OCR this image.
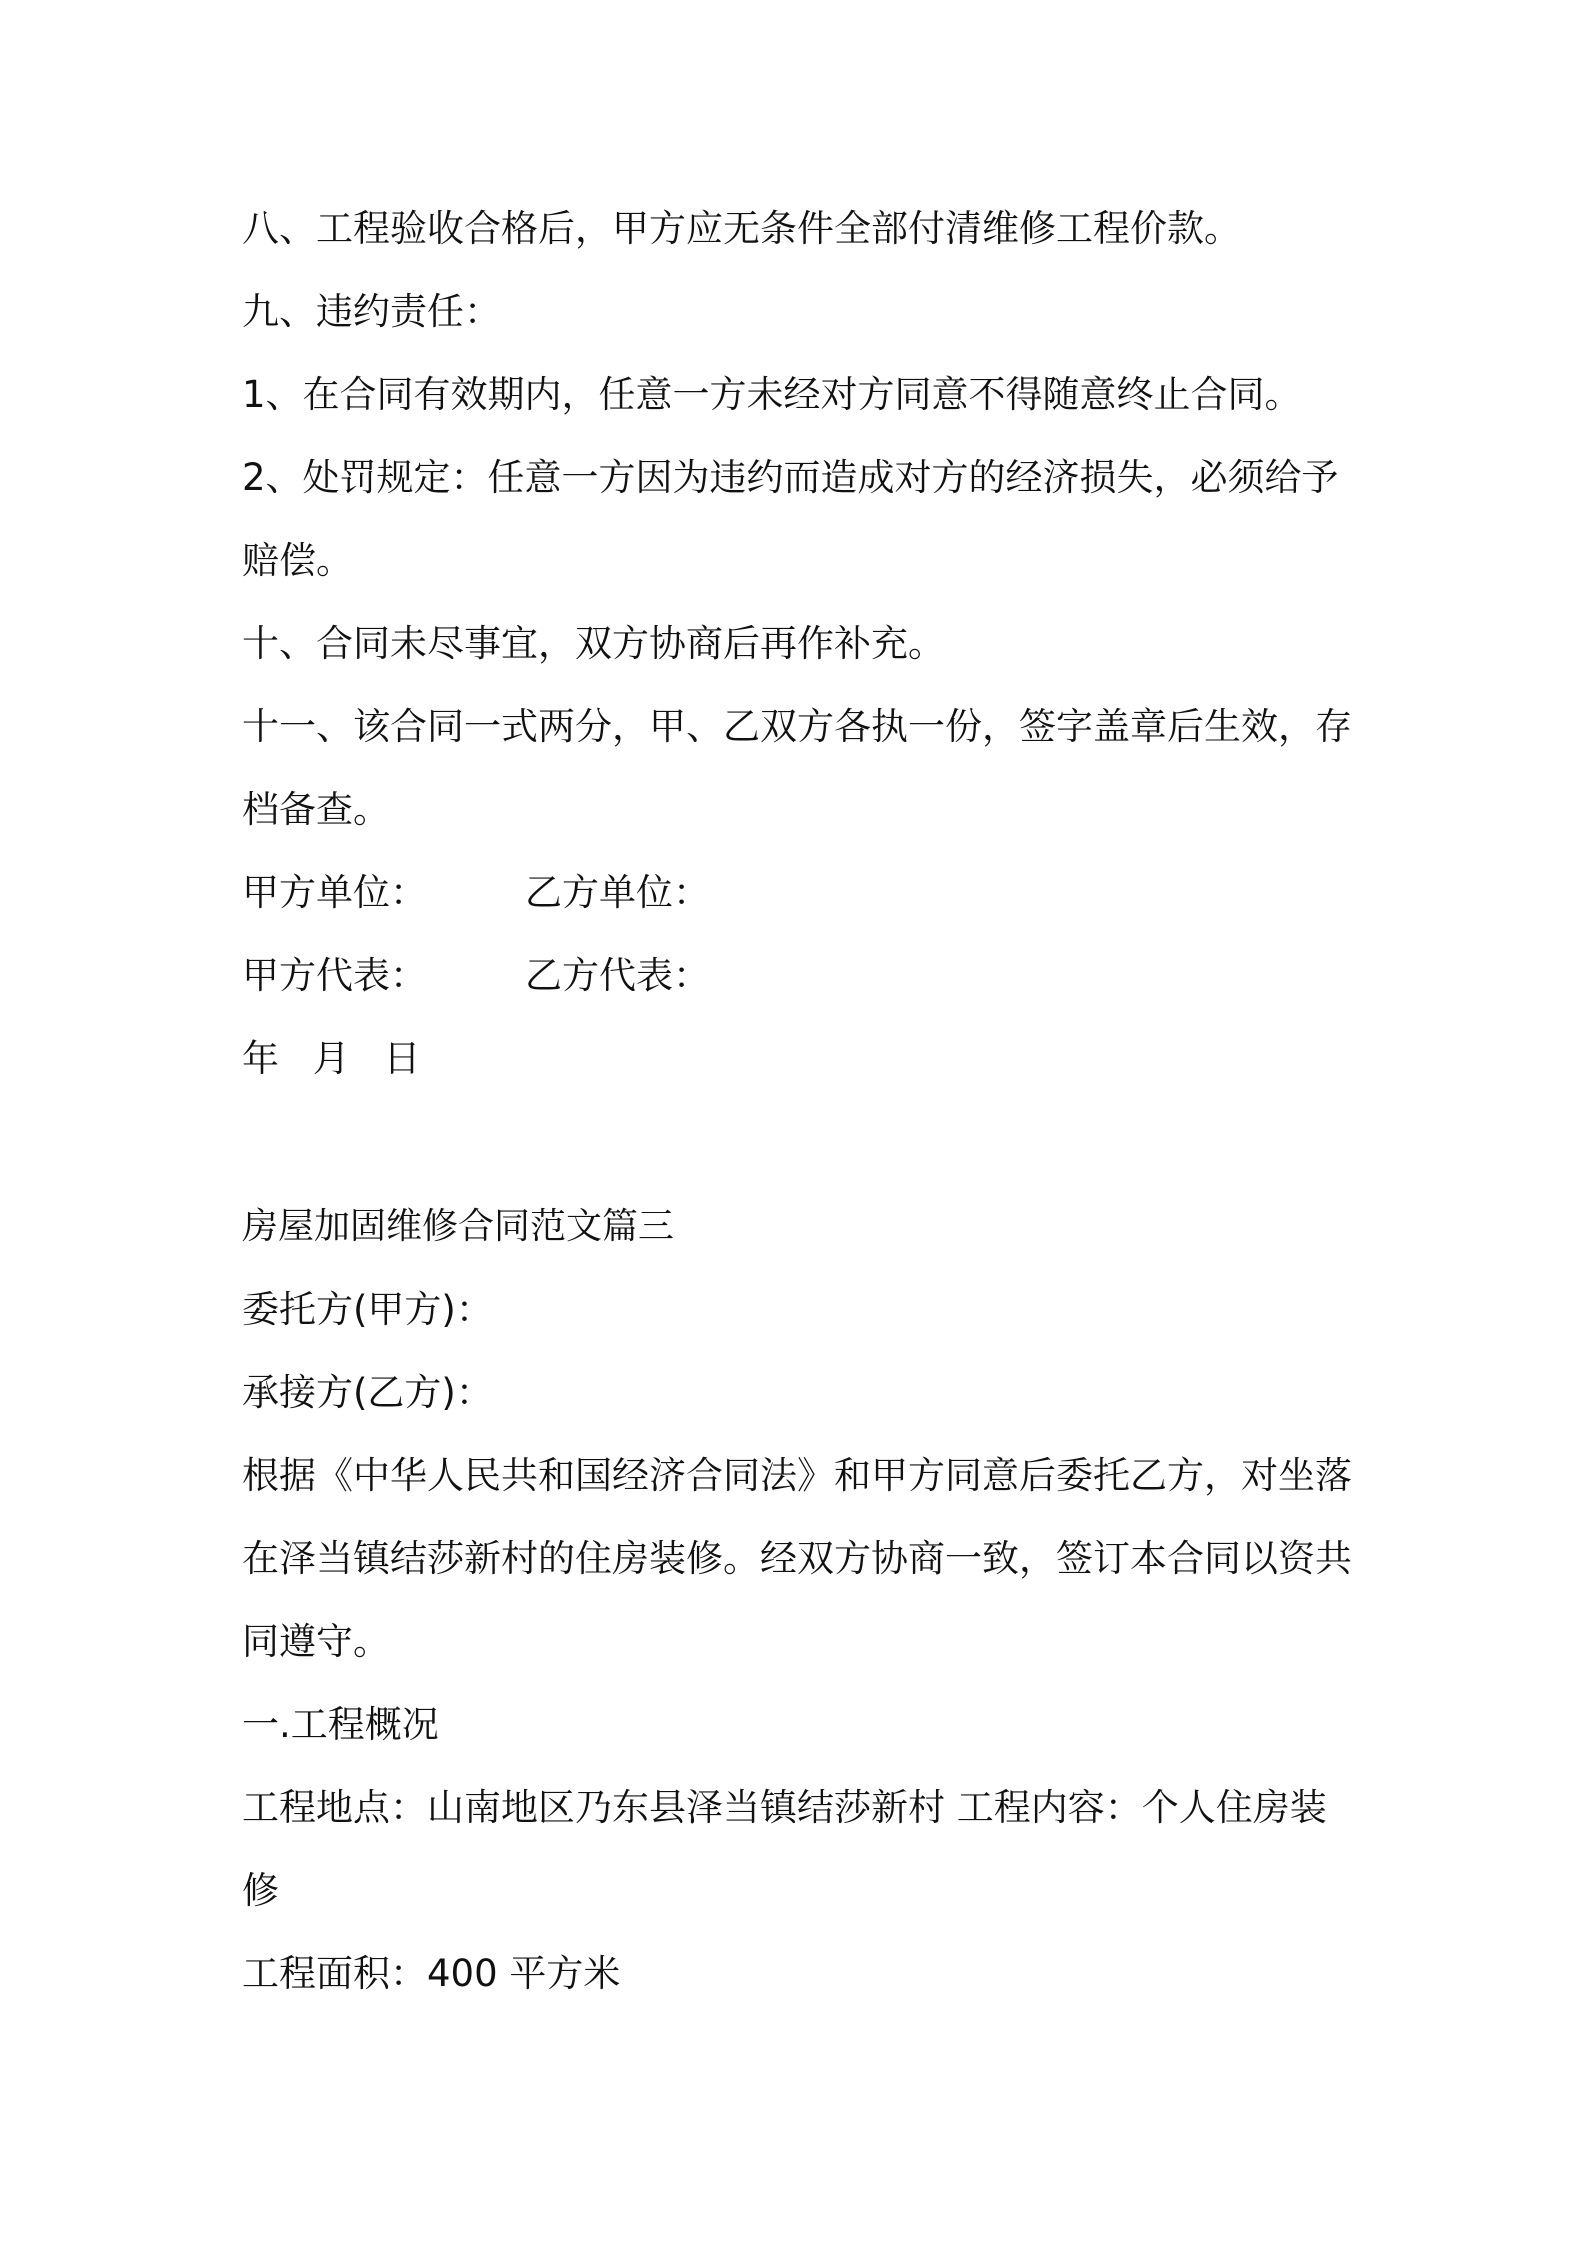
八、工程验收合格后，甲方应无条件全部付清维修工程价款。
九、违约责任：
1、在合同有效期内，任意一方未经对方同意不得随意终止合同。
2、处罚规定：任意一方因为违约而造成对方的经济损失，必须给予
赔偿。
十、合同未尽事宜，双方协商后再作补充。
十一、该合同一式两分，甲、乙双方各执一份，签字盖章后生效，存
档备查。
甲方单位：	乙方单位：
甲方代表：	乙方代表：
年 月 日
房屋加固维修合同范文篇三
委托方(甲方)：
承接方(乙方)：
根据《中华人民共和国经济合同法》和甲方同意后委托乙方，对坐落
在泽当镇结莎新村的住房装修。经双方协商一致，签订本合同以资共
同遵守。
一.工程概况
工程地点：山南地区乃东县泽当镇结莎新村 工程内容：个人住房装
修
工程面积：400 平方米
